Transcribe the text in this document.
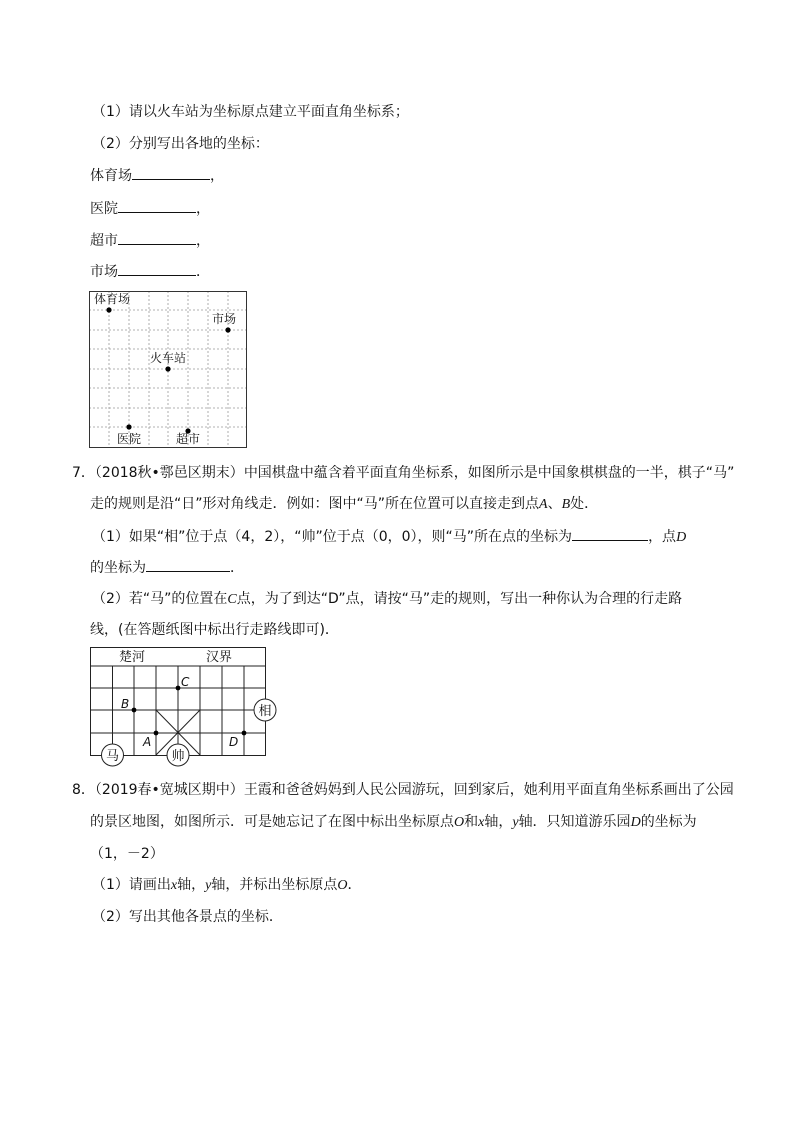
（1）请以火车站为坐标原点建立平面直角坐标系；
（2）分别写出各地的坐标：
体育场	，
医院	，
超市	，
市场	．
体育场
市场
火车站
医院	超市
7．（2018秋•鄠邑区期末）中国棋盘中蕴含着平面直角坐标系，如图所示是中国象棋棋盘的一半，棋子“马”
走的规则是沿“日”形对角线走．例如：图中“马”所在位置可以直接走到点A、B处．
（1）如果“相”位于点（4，2），“帅”位于点（0，0），则“马”所在点的坐标为	，点D
的坐标为	．
（2）若“马”的位置在C点，为了到达“D”点，请按“马”走的规则，写出一种你认为合理的行走路
线，(在答题纸图中标出行走路线即可)．
楚河	汉界
C
B
A	D
马	帅
相
8．（2019春•宽城区期中）王霞和爸爸妈妈到人民公园游玩，回到家后，她利用平面直角坐标系画出了公园
的景区地图，如图所示．可是她忘记了在图中标出坐标原点O和x轴，y轴．只知道游乐园D的坐标为
（1，－2）
（1）请画出x轴，y轴，并标出坐标原点O．
（2）写出其他各景点的坐标．
